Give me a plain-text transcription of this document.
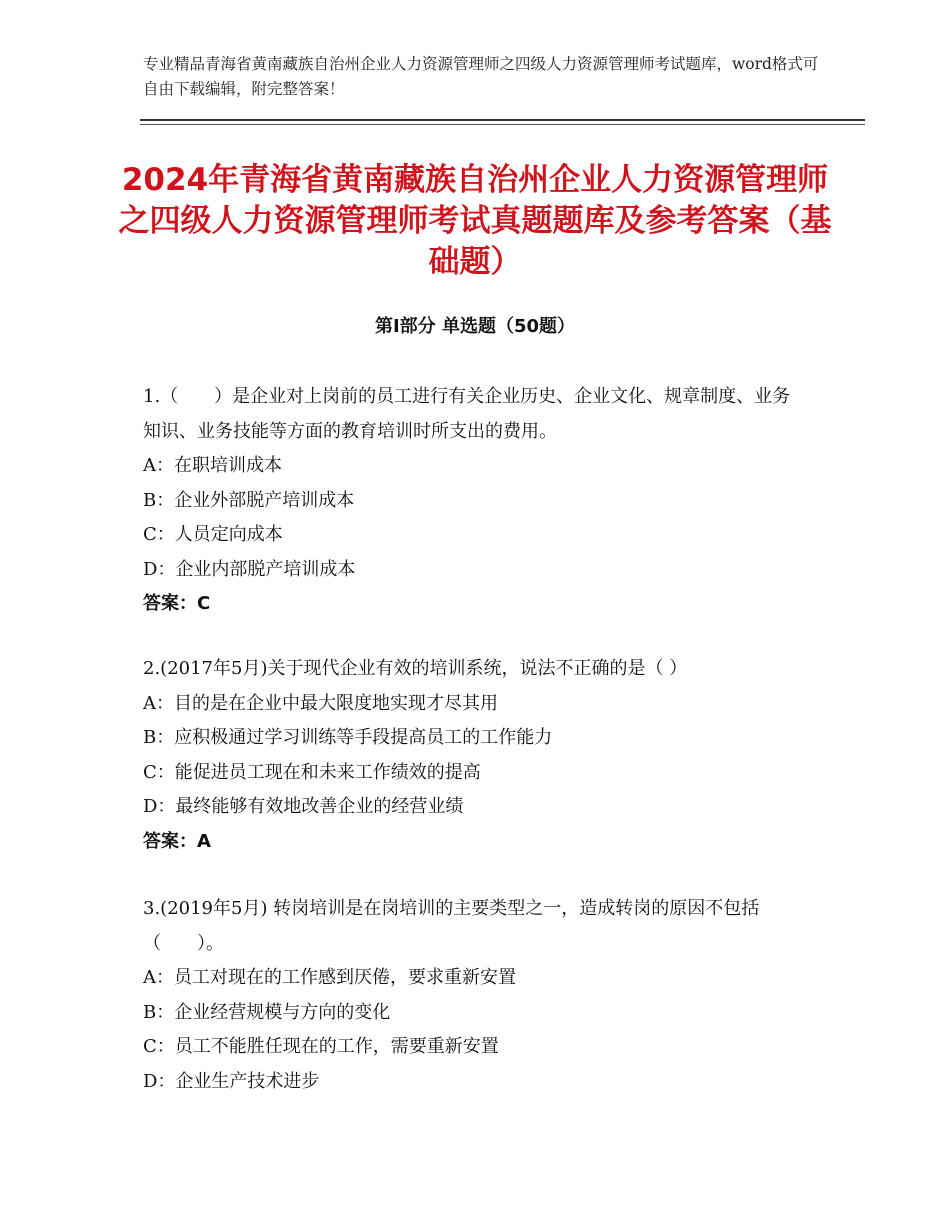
专业精品青海省黄南藏族自治州企业人力资源管理师之四级人力资源管理师考试题库，word格式可自由下载编辑，附完整答案！
2024年青海省黄南藏族自治州企业人力资源管理师之四级人力资源管理师考试真题题库及参考答案（基础题）
第Ⅰ部分 单选题（50题）
1.（　　）是企业对上岗前的员工进行有关企业历史、企业文化、规章制度、业务知识、业务技能等方面的教育培训时所支出的费用。
A：在职培训成本
B：企业外部脱产培训成本
C：人员定向成本
D：企业内部脱产培训成本
答案：C
2.(2017年5月)关于现代企业有效的培训系统，说法不正确的是（ ）
A：目的是在企业中最大限度地实现才尽其用
B：应积极通过学习训练等手段提高员工的工作能力
C：能促进员工现在和未来工作绩效的提高
D：最终能够有效地改善企业的经营业绩
答案：A
3.(2019年5月) 转岗培训是在岗培训的主要类型之一，造成转岗的原因不包括（　　）。
A：员工对现在的工作感到厌倦，要求重新安置
B：企业经营规模与方向的变化
C：员工不能胜任现在的工作，需要重新安置
D：企业生产技术进步
